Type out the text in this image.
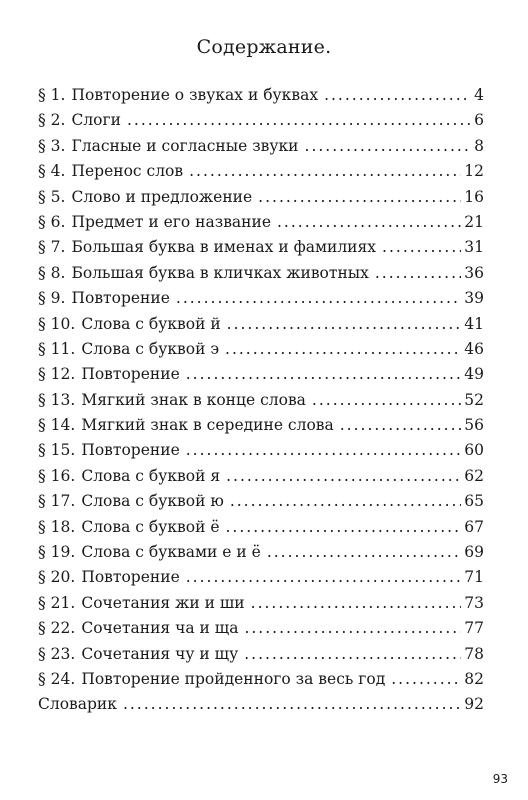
Содержание.
§ 1. Повторение о звуках и буквах .....	4
§ 2. Слоги .....	6
§ 3. Гласные и согласные звуки .....	8
§ 4. Перенос слов .....	12
§ 5. Слово и предложение .....	16
§ 6. Предмет и его название .....	21
§ 7. Большая буква в именах и фамилиях .....	31
§ 8. Большая буква в кличках животных .....	36
§ 9. Повторение .....	39
§ 10. Слова с буквой й .....	41
§ 11. Слова с буквой э .....	46
§ 12. Повторение .....	49
§ 13. Мягкий знак в конце слова .....	52
§ 14. Мягкий знак в середине слова .....	56
§ 15. Повторение .....	60
§ 16. Слова с буквой я .....	62
§ 17. Слова с буквой ю .....	65
§ 18. Слова с буквой ё .....	67
§ 19. Слова с буквами е и ё .....	69
§ 20. Повторение .....	71
§ 21. Сочетания жи и ши .....	73
§ 22. Сочетания ча и ща .....	77
§ 23. Сочетания чу и щу .....	78
§ 24. Повторение пройденного за весь год .....	82
Словарик .....	92
93
